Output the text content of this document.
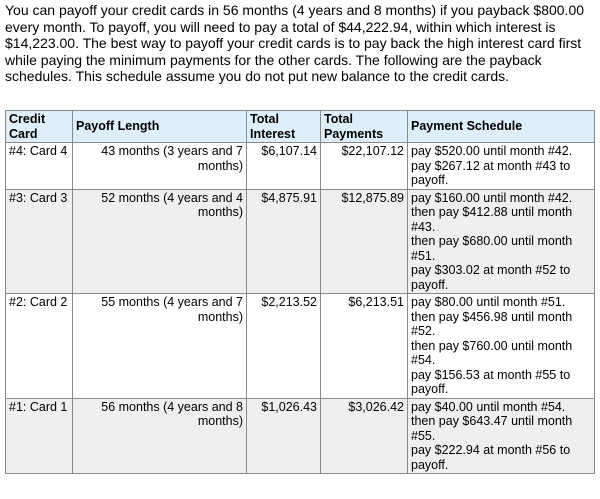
You can payoff your credit cards in 56 months (4 years and 8 months) if you payback $800.00 every month. To payoff, you will need to pay a total of $44,222.94, within which interest is $14,223.00. The best way to payoff your credit cards is to pay back the high interest card first while paying the minimum payments for the other cards. The following are the payback schedules. This schedule assume you do not put new balance to the credit cards.
Credit Card	Payoff Length	Total Interest	Total Payments	Payment Schedule
#4: Card 4	43 months (3 years and 7 months)	$6,107.14	$22,107.12	pay $520.00 until month #42.
pay $267.12 at month #43 to payoff.

#3: Card 3	52 months (4 years and 4 months)	$4,875.91	$12,875.89	pay $160.00 until month #42.
then pay $412.88 until month #43.
then pay $680.00 until month #51.
pay $303.02 at month #52 to payoff.

#2: Card 2	55 months (4 years and 7 months)	$2,213.52	$6,213.51	pay $80.00 until month #51.
then pay $456.98 until month #52.
then pay $760.00 until month #54.
pay $156.53 at month #55 to payoff.

#1: Card 1	56 months (4 years and 8 months)	$1,026.43	$3,026.42	pay $40.00 until month #54.
then pay $643.47 until month #55.
pay $222.94 at month #56 to payoff.
